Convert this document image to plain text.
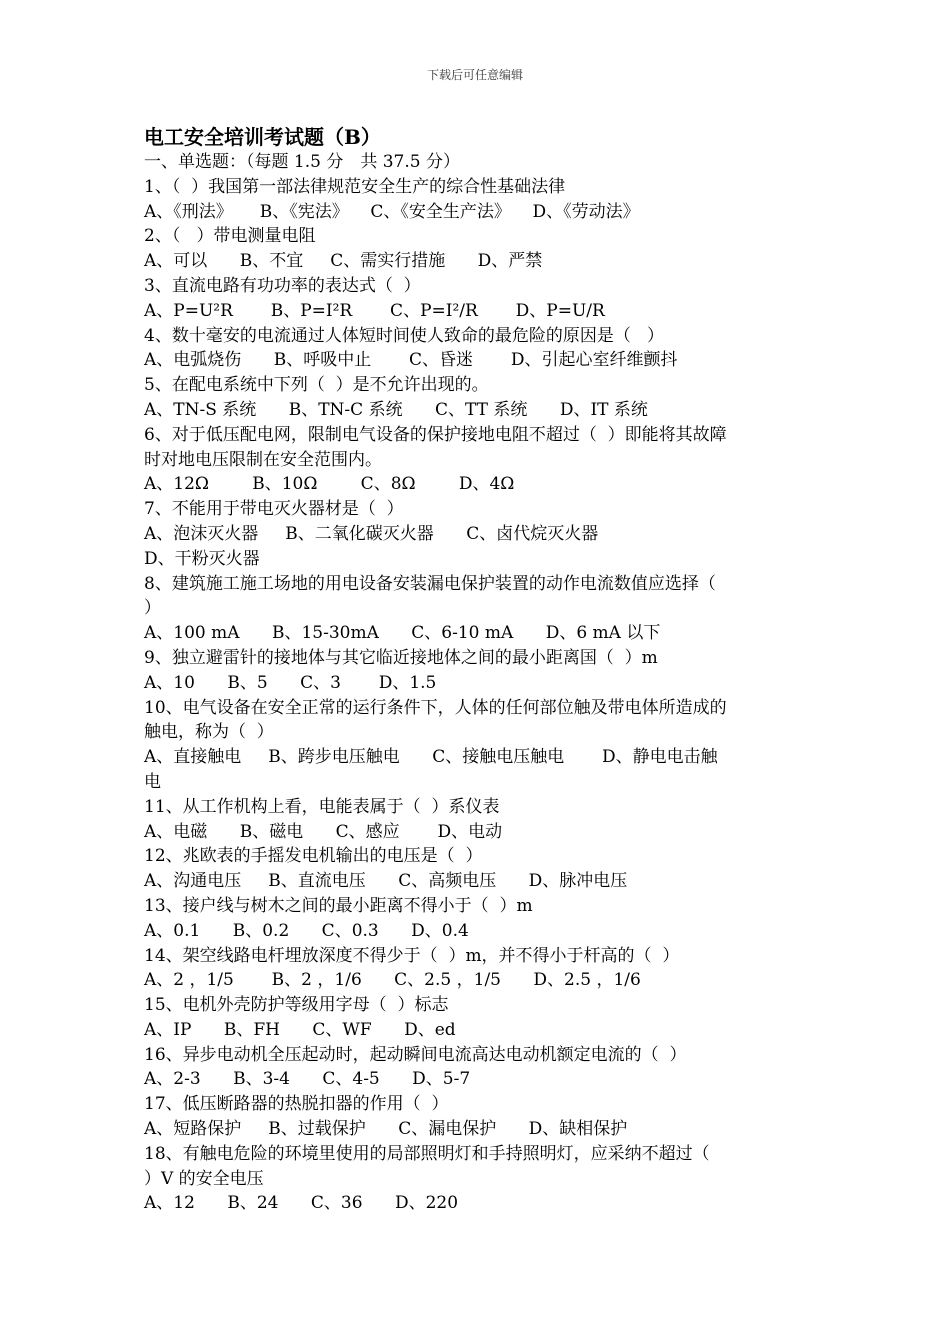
下载后可任意编辑
电工安全培训考试题（B）
一、单选题：（每题 1.5 分　共 37.5 分）
1、（  ）我国第一部法律规范安全生产的综合性基础法律
A、《刑法》     B、《宪法》    C、《安全生产法》    D、《劳动法》
2、（   ）带电测量电阻
A、可以      B、不宜     C、需实行措施      D、严禁
3、直流电路有功功率的表达式（  ）
A、P=U²R       B、P=I²R       C、P=I²/R       D、P=U/R
4、数十毫安的电流通过人体短时间使人致命的最危险的原因是（   ）
A、电弧烧伤      B、呼吸中止       C、昏迷       D、引起心室纤维颤抖
5、在配电系统中下列（  ）是不允许出现的。
A、TN-S 系统      B、TN-C 系统      C、TT 系统      D、IT 系统
6、对于低压配电网，限制电气设备的保护接地电阻不超过（  ）即能将其故障
时对地电压限制在安全范围内。
A、12Ω        B、10Ω        C、8Ω        D、4Ω
7、不能用于带电灭火器材是（  ）
A、泡沫灭火器     B、二氧化碳灭火器      C、卤代烷灭火器
D、干粉灭火器
8、建筑施工施工场地的用电设备安装漏电保护装置的动作电流数值应选择（
）
A、100 mA      B、15-30mA      C、6-10 mA      D、6 mA 以下
9、独立避雷针的接地体与其它临近接地体之间的最小距离国（  ）m
A、10      B、5      C、3       D、1.5
10、电气设备在安全正常的运行条件下，人体的任何部位触及带电体所造成的
触电，称为（  ）
A、直接触电     B、跨步电压触电      C、接触电压触电       D、静电电击触
电
11、从工作机构上看，电能表属于（  ）系仪表
A、电磁      B、磁电      C、感应       D、电动
12、兆欧表的手摇发电机输出的电压是（  ）
A、沟通电压     B、直流电压      C、高频电压      D、脉冲电压
13、接户线与树木之间的最小距离不得小于（  ）m
A、0.1      B、0.2      C、0.3      D、0.4
14、架空线路电杆埋放深度不得少于（  ）m，并不得小于杆高的（  ）
A、2 ，1/5       B、2 ，1/6      C、2.5 ，1/5      D、2.5 ，1/6
15、电机外壳防护等级用字母（  ）标志
A、IP      B、FH      C、WF      D、ed
16、异步电动机全压起动时，起动瞬间电流高达电动机额定电流的（  ）
A、2-3      B、3-4      C、4-5      D、5-7
17、低压断路器的热脱扣器的作用（  ）
A、短路保护     B、过载保护      C、漏电保护      D、缺相保护
18、有触电危险的环境里使用的局部照明灯和手持照明灯，应采纳不超过（
）V 的安全电压
A、12      B、24      C、36      D、220
